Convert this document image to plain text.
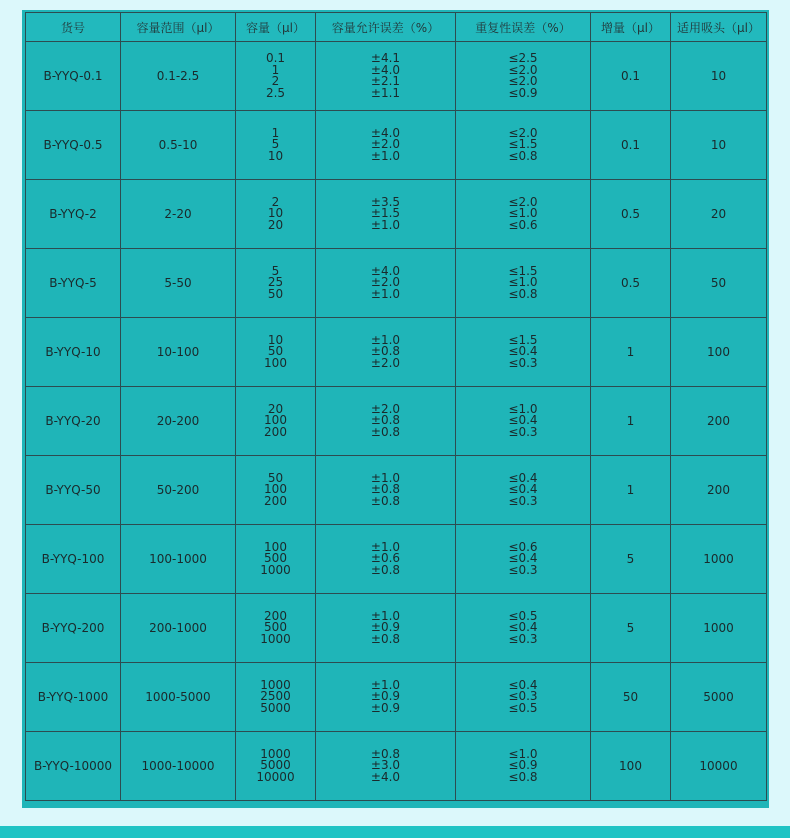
货号	容量范围（μl）	容量（μl）	容量允许误差（%）	重复性误差（%）	增量（μl）	适用吸头（μl）
B-YYQ-0.1	0.1-2.5	0.1
1
2
2.5	±4.1
±4.0
±2.1
±1.1	≤2.5
≤2.0
≤2.0
≤0.9	0.1	10
B-YYQ-0.5	0.5-10	1
5
10	±4.0
±2.0
±1.0	≤2.0
≤1.5
≤0.8	0.1	10
B-YYQ-2	2-20	2
10
20	±3.5
±1.5
±1.0	≤2.0
≤1.0
≤0.6	0.5	20
B-YYQ-5	5-50	5
25
50	±4.0
±2.0
±1.0	≤1.5
≤1.0
≤0.8	0.5	50
B-YYQ-10	10-100	10
50
100	±1.0
±0.8
±2.0	≤1.5
≤0.4
≤0.3	1	100
B-YYQ-20	20-200	20
100
200	±2.0
±0.8
±0.8	≤1.0
≤0.4
≤0.3	1	200
B-YYQ-50	50-200	50
100
200	±1.0
±0.8
±0.8	≤0.4
≤0.4
≤0.3	1	200
B-YYQ-100	100-1000	100
500
1000	±1.0
±0.6
±0.8	≤0.6
≤0.4
≤0.3	5	1000
B-YYQ-200	200-1000	200
500
1000	±1.0
±0.9
±0.8	≤0.5
≤0.4
≤0.3	5	1000
B-YYQ-1000	1000-5000	1000
2500
5000	±1.0
±0.9
±0.9	≤0.4
≤0.3
≤0.5	50	5000
B-YYQ-10000	1000-10000	1000
5000
10000	±0.8
±3.0
±4.0	≤1.0
≤0.9
≤0.8	100	10000
